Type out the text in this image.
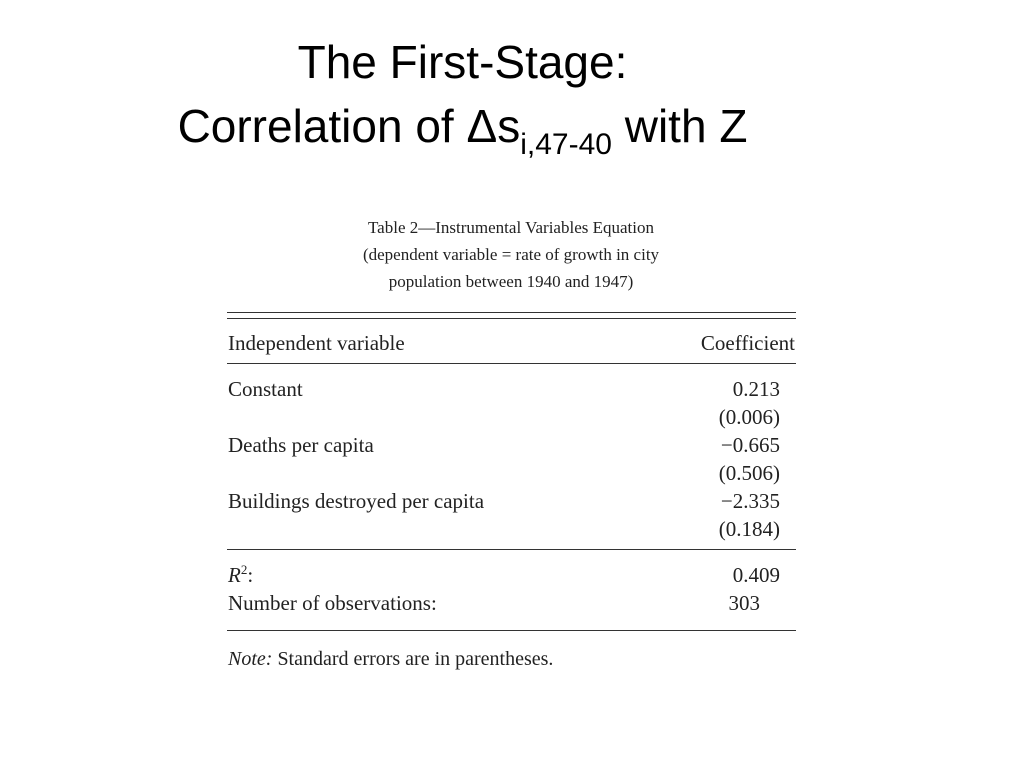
The First-Stage:
Correlation of $\Delta s_{i,47-40}$ with Z
Table 2—Instrumental Variables Equation
(dependent variable = rate of growth in city
population between 1940 and 1947)
Independent variable	Coefficient
Constant	0.213
(0.006)
Deaths per capita	−0.665
(0.506)
Buildings destroyed per capita	−2.335
(0.184)
$R^2$:	0.409
Number of observations:	303
Note: Standard errors are in parentheses.
